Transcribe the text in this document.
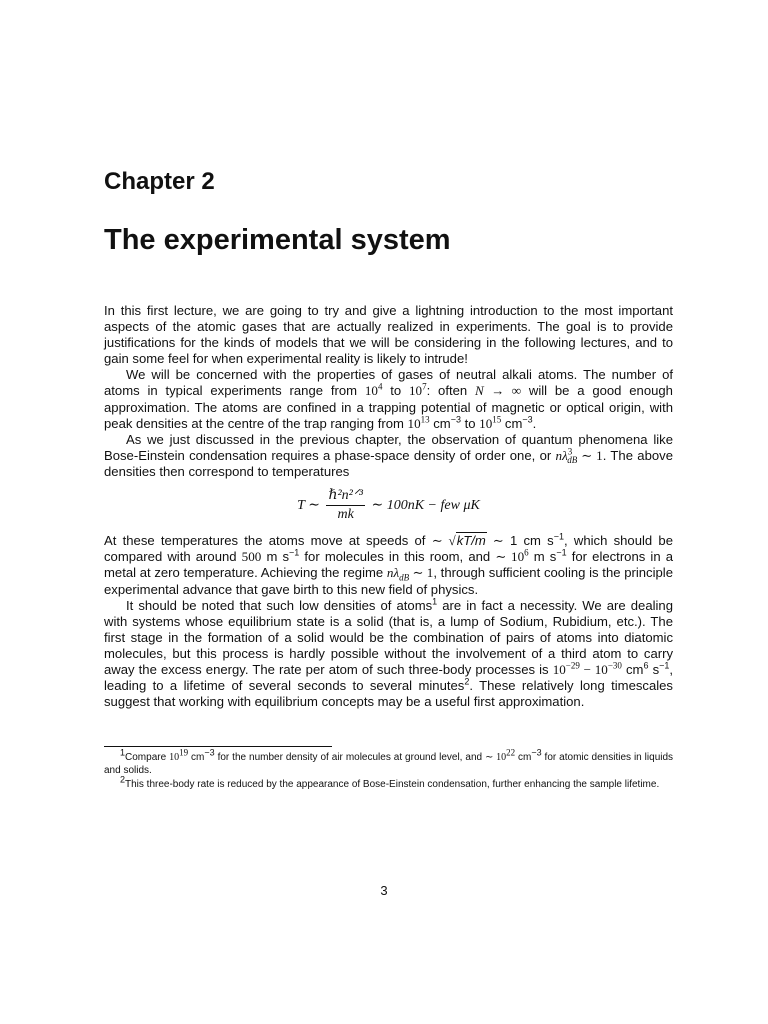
Chapter 2
The experimental system

In this first lecture, we are going to try and give a lightning introduction to the most important aspects of the atomic gases that are actually realized in experiments. The goal is to provide justifications for the kinds of models that we will be considering in the following lectures, and to gain some feel for when experimental reality is likely to intrude!

We will be concerned with the properties of gases of neutral alkali atoms. The number of atoms in typical experiments range from $10^4$ to $10^7$: often N → ∞ will be a good enough approximation. The atoms are confined in a trapping potential of magnetic or optical origin, with peak densities at the centre of the trap ranging from $10^{13}$ $cm^{-3}$ to $10^{15}$ $cm^{-3}$.

As we just discussed in the previous chapter, the observation of quantum phenomena like Bose-Einstein condensation requires a phase-space density of order one, or $n\lambda^3_{dB}$ ∼ 1. The above densities then correspond to temperatures

T ∼ $\frac{\text{ℏ²n²ᐟ³}}{mk}$ ∼ 100nK − few μK

At these temperatures the atoms move at speeds of ∼ √kT/m ∼ 1 cm $s^{-1}$, which should be compared with around 500 m $s^{-1}$ for molecules in this room, and ∼ $10^6$ m $s^{-1}$ for electrons in a metal at zero temperature. Achieving the regime $n\lambda_{dB}$ ∼ 1, through sufficient cooling is the principle experimental advance that gave birth to this new field of physics.

It should be noted that such low densities of atoms$^1$ are in fact a necessity. We are dealing with systems whose equilibrium state is a solid (that is, a lump of Sodium, Rubidium, etc.). The first stage in the formation of a solid would be the combination of pairs of atoms into diatomic molecules, but this process is hardly possible without the involvement of a third atom to carry away the excess energy. The rate per atom of such three-body processes is $10^{-29} - 10^{-30}$ $cm^6$ $s^{-1}$, leading to a lifetime of several seconds to several minutes$^2$. These relatively long timescales suggest that working with equilibrium concepts may be a useful first approximation.

$^1$Compare $10^{19}$ $cm^{-3}$ for the number density of air molecules at ground level, and ∼ $10^{22}$ $cm^{-3}$ for atomic densities in liquids and solids.

$^2$This three-body rate is reduced by the appearance of Bose-Einstein condensation, further enhancing the sample lifetime.

3
